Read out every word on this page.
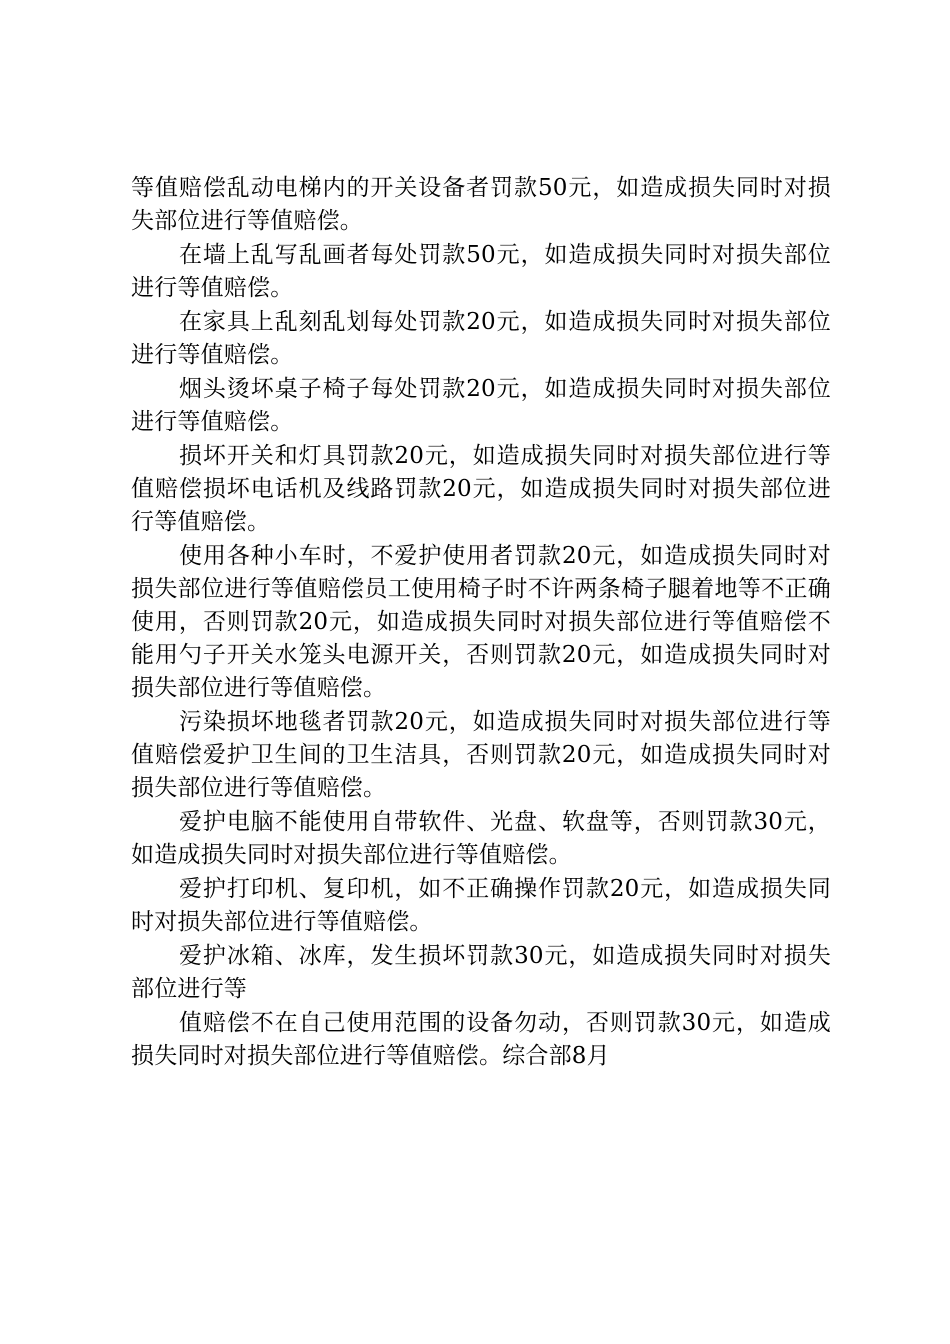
等值赔偿乱动电梯内的开关设备者罚款50元，如造成损失同时对损失部位进行等值赔偿。

在墙上乱写乱画者每处罚款50元，如造成损失同时对损失部位进行等值赔偿。

在家具上乱刻乱划每处罚款20元，如造成损失同时对损失部位进行等值赔偿。

烟头烫坏桌子椅子每处罚款20元，如造成损失同时对损失部位进行等值赔偿。

损坏开关和灯具罚款20元，如造成损失同时对损失部位进行等值赔偿损坏电话机及线路罚款20元，如造成损失同时对损失部位进行等值赔偿。

使用各种小车时，不爱护使用者罚款20元，如造成损失同时对损失部位进行等值赔偿员工使用椅子时不许两条椅子腿着地等不正确使用，否则罚款20元，如造成损失同时对损失部位进行等值赔偿不能用勺子开关水笼头电源开关，否则罚款20元，如造成损失同时对损失部位进行等值赔偿。

污染损坏地毯者罚款20元，如造成损失同时对损失部位进行等值赔偿爱护卫生间的卫生洁具，否则罚款20元，如造成损失同时对损失部位进行等值赔偿。

爱护电脑不能使用自带软件、光盘、软盘等，否则罚款30元，如造成损失同时对损失部位进行等值赔偿。

爱护打印机、复印机，如不正确操作罚款20元，如造成损失同时对损失部位进行等值赔偿。

爱护冰箱、冰库，发生损坏罚款30元，如造成损失同时对损失部位进行等

值赔偿不在自己使用范围的设备勿动，否则罚款30元，如造成损失同时对损失部位进行等值赔偿。综合部8月
